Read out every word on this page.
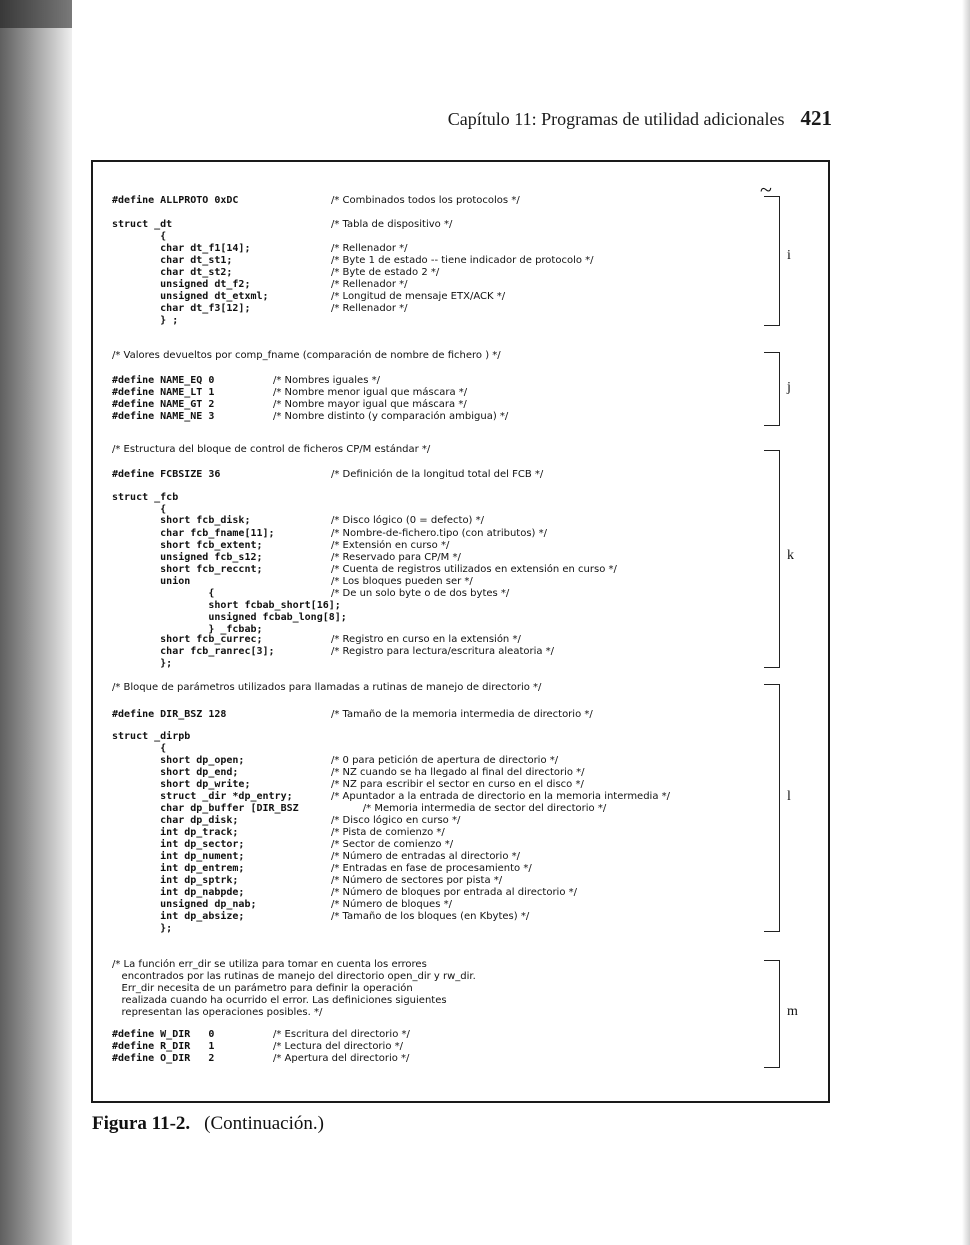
Capítulo 11: Programas de utilidad adicionales 421
#define ALLPROTO 0xDC	/* Combinados todos los protocolos */
struct _dt	/* Tabla de dispositivo */
{
char dt_f1[14];	/* Rellenador */
char dt_st1;	/* Byte 1 de estado -- tiene indicador de protocolo */
char dt_st2;	/* Byte de estado 2 */
unsigned dt_f2;	/* Rellenador */
unsigned dt_etxml;	/* Longitud de mensaje ETX/ACK */
char dt_f3[12];	/* Rellenador */
} ;
/* Valores devueltos por comp_fname (comparación de nombre de fichero ) */
#define NAME_EQ 0	/* Nombres iguales */
#define NAME_LT 1	/* Nombre menor igual que máscara */
#define NAME_GT 2	/* Nombre mayor igual que máscara */
#define NAME_NE 3	/* Nombre distinto (y comparación ambigua) */
/* Estructura del bloque de control de ficheros CP/M estándar */
#define FCBSIZE 36	/* Definición de la longitud total del FCB */
struct _fcb
{
short fcb_disk;	/* Disco lógico (0 = defecto) */
char fcb_fname[11];	/* Nombre-de-fichero.tipo (con atributos) */
short fcb_extent;	/* Extensión en curso */
unsigned fcb_s12;	/* Reservado para CP/M */
short fcb_reccnt;	/* Cuenta de registros utilizados en extensión en curso */
union	/* Los bloques pueden ser */
{	/* De un solo byte o de dos bytes */
short fcbab_short[16];
unsigned fcbab_long[8];
} _fcbab;
short fcb_currec;	/* Registro en curso en la extensión */
char fcb_ranrec[3];	/* Registro para lectura/escritura aleatoria */
};
/* Bloque de parámetros utilizados para llamadas a rutinas de manejo de directorio */
#define DIR_BSZ 128	/* Tamaño de la memoria intermedia de directorio */
struct _dirpb
{
short dp_open;	/* 0 para petición de apertura de directorio */
short dp_end;	/* NZ cuando se ha llegado al final del directorio */
short dp_write;	/* NZ para escribir el sector en curso en el disco */
struct _dir *dp_entry;	/* Apuntador a la entrada de directorio en la memoria intermedia */
char dp_buffer [DIR_BSZ	/* Memoria intermedia de sector del directorio */
char dp_disk;	/* Disco lógico en curso */
int dp_track;	/* Pista de comienzo */
int dp_sector;	/* Sector de comienzo */
int dp_nument;	/* Número de entradas al directorio */
int dp_entrem;	/* Entradas en fase de procesamiento */
int dp_sptrk;	/* Número de sectores por pista */
int dp_nabpde;	/* Número de bloques por entrada al directorio */
unsigned dp_nab;	/* Número de bloques */
int dp_absize;	/* Tamaño de los bloques (en Kbytes) */
};
/* La función err_dir se utiliza para tomar en cuenta los errores
encontrados por las rutinas de manejo del directorio open_dir y rw_dir.
Err_dir necesita de un parámetro para definir la operación
realizada cuando ha ocurrido el error. Las definiciones siguientes
representan las operaciones posibles. */
#define W_DIR   0	/* Escritura del directorio */
#define R_DIR   1	/* Lectura del directorio */
#define O_DIR   2	/* Apertura del directorio */
~
i
j
k
l
m
Figura 11-2. (Continuación.)
